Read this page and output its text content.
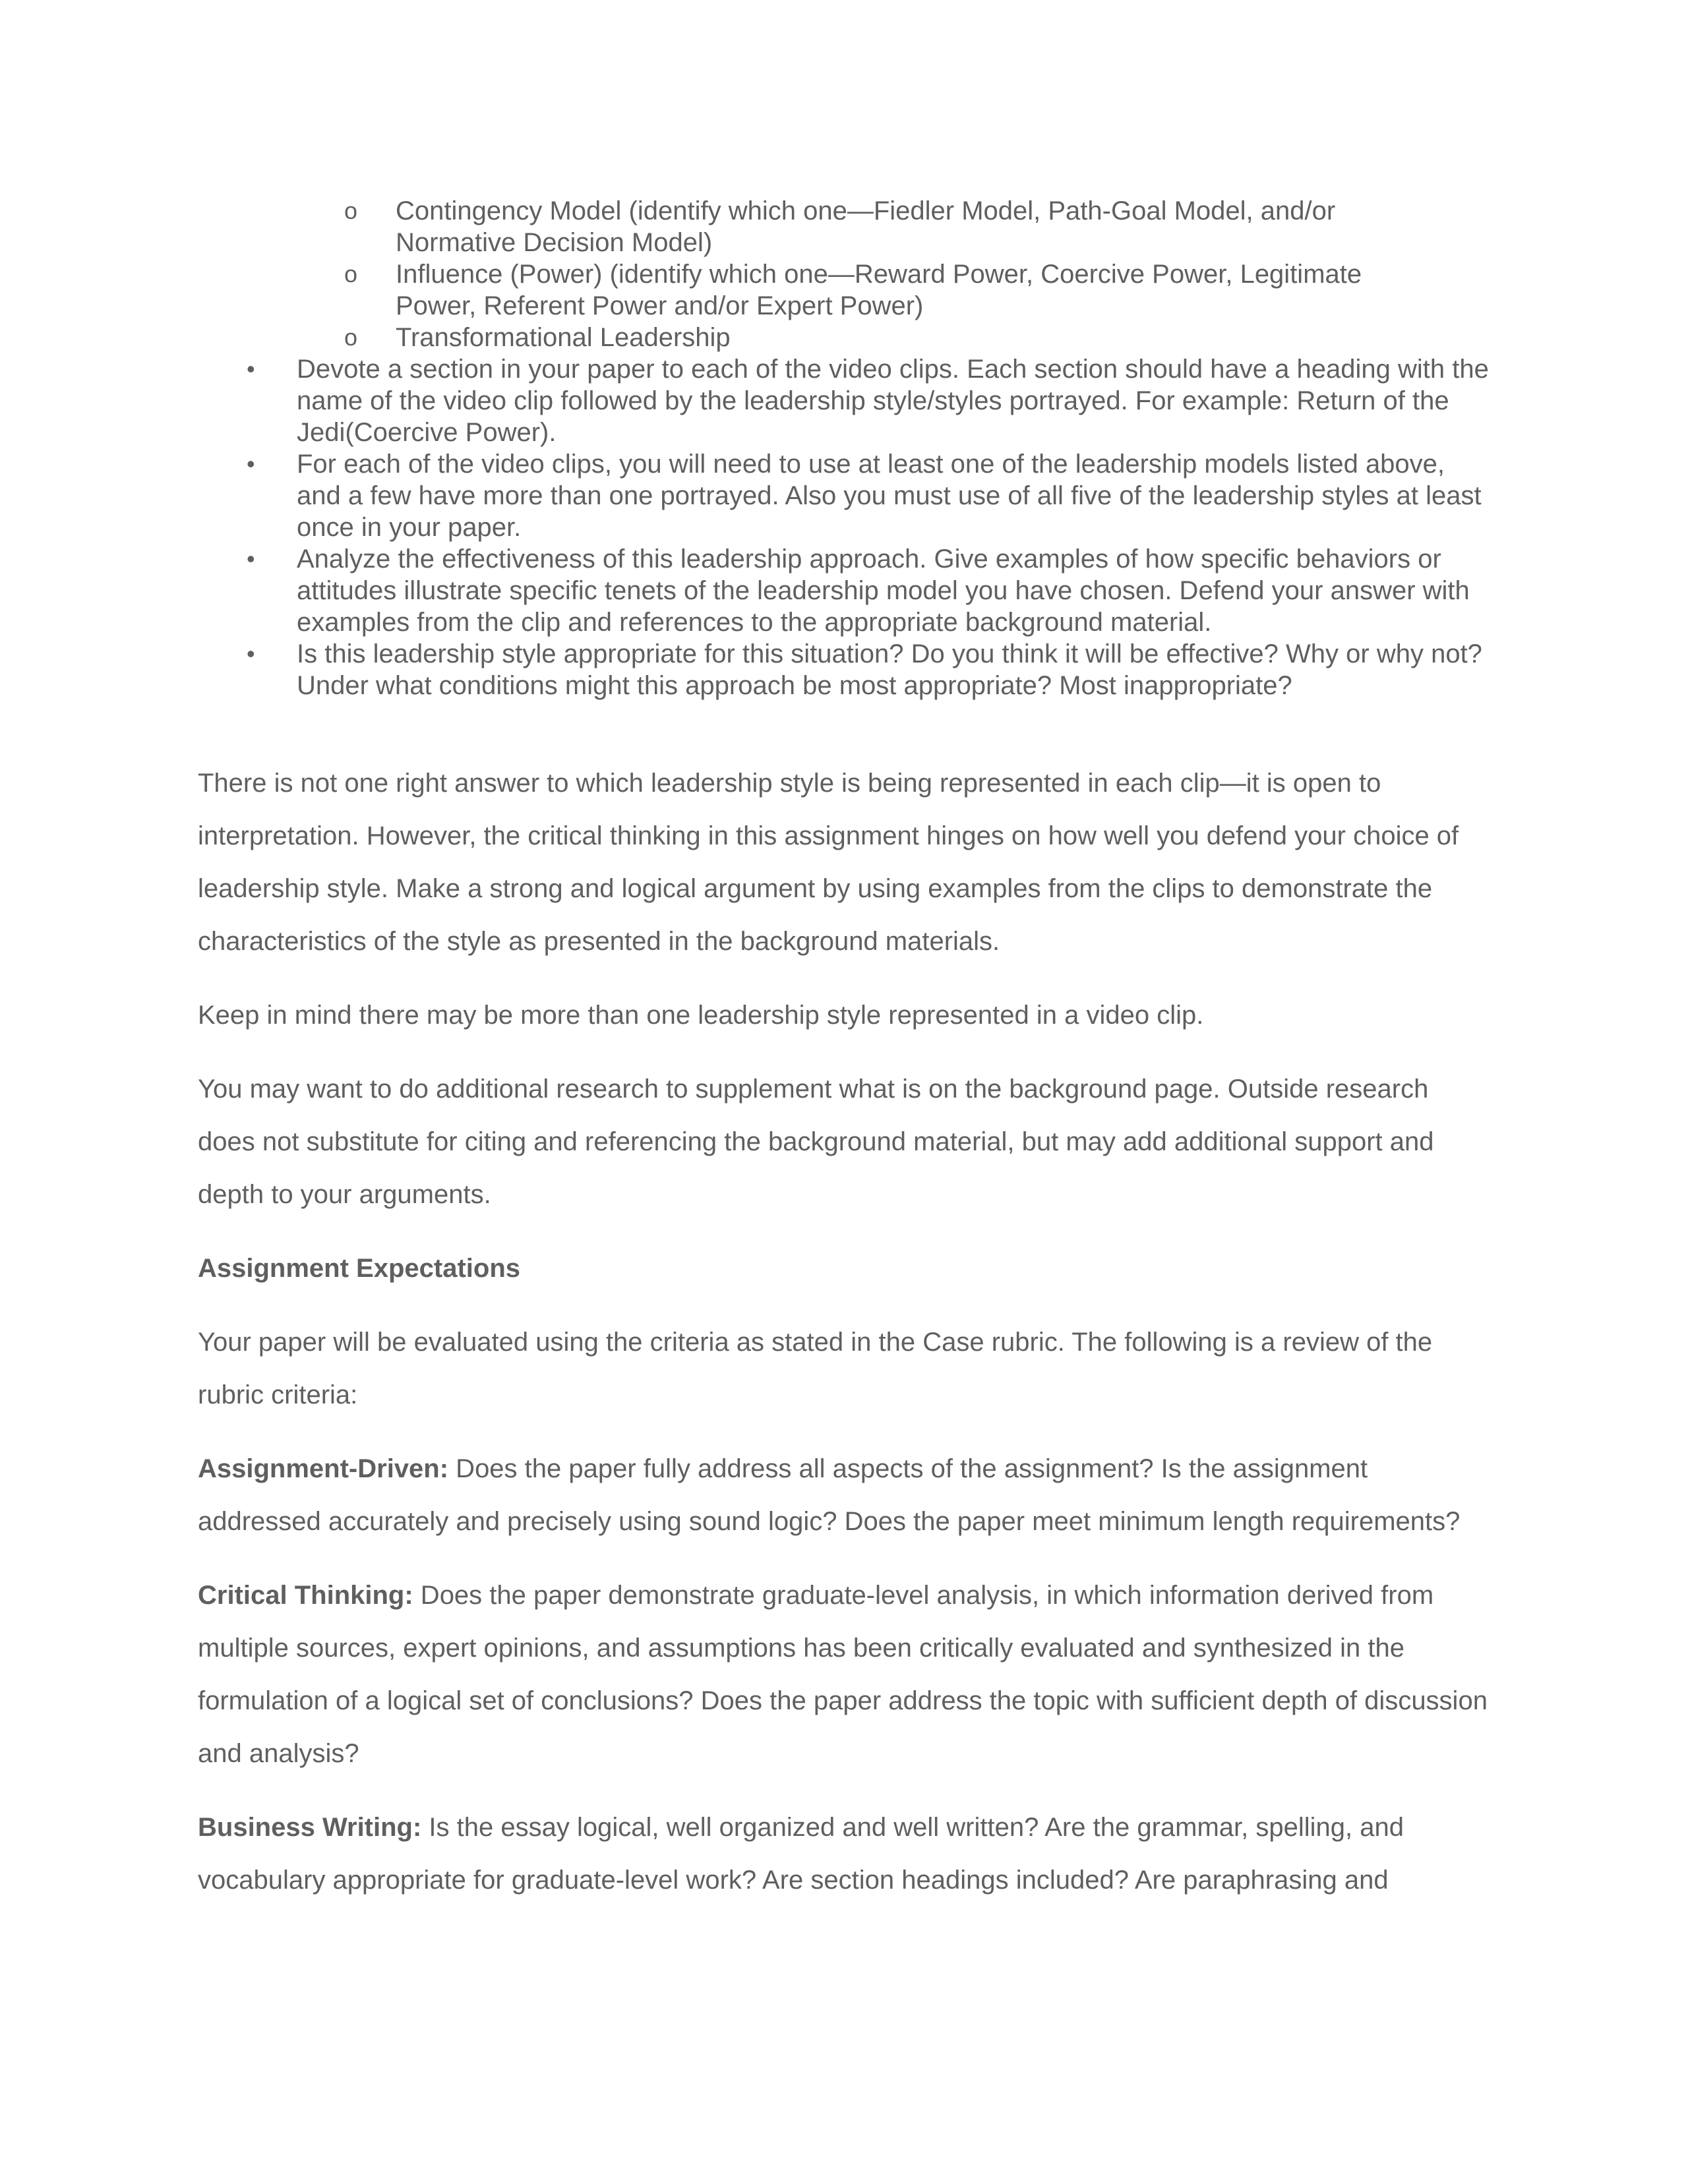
o Contingency Model (identify which one—Fiedler Model, Path-Goal Model, and/or Normative Decision Model)
o Influence (Power) (identify which one—Reward Power, Coercive Power, Legitimate Power, Referent Power and/or Expert Power)
o Transformational Leadership
• Devote a section in your paper to each of the video clips. Each section should have a heading with the name of the video clip followed by the leadership style/styles portrayed. For example: Return of the Jedi(Coercive Power).
• For each of the video clips, you will need to use at least one of the leadership models listed above, and a few have more than one portrayed. Also you must use of all five of the leadership styles at least once in your paper.
• Analyze the effectiveness of this leadership approach. Give examples of how specific behaviors or attitudes illustrate specific tenets of the leadership model you have chosen. Defend your answer with examples from the clip and references to the appropriate background material.
• Is this leadership style appropriate for this situation? Do you think it will be effective? Why or why not? Under what conditions might this approach be most appropriate? Most inappropriate?

There is not one right answer to which leadership style is being represented in each clip—it is open to interpretation. However, the critical thinking in this assignment hinges on how well you defend your choice of leadership style. Make a strong and logical argument by using examples from the clips to demonstrate the characteristics of the style as presented in the background materials.

Keep in mind there may be more than one leadership style represented in a video clip.

You may want to do additional research to supplement what is on the background page. Outside research does not substitute for citing and referencing the background material, but may add additional support and depth to your arguments.

Assignment Expectations

Your paper will be evaluated using the criteria as stated in the Case rubric. The following is a review of the rubric criteria:

Assignment-Driven: Does the paper fully address all aspects of the assignment? Is the assignment addressed accurately and precisely using sound logic? Does the paper meet minimum length requirements?

Critical Thinking: Does the paper demonstrate graduate-level analysis, in which information derived from multiple sources, expert opinions, and assumptions has been critically evaluated and synthesized in the formulation of a logical set of conclusions? Does the paper address the topic with sufficient depth of discussion and analysis?

Business Writing: Is the essay logical, well organized and well written? Are the grammar, spelling, and vocabulary appropriate for graduate-level work? Are section headings included? Are paraphrasing and
